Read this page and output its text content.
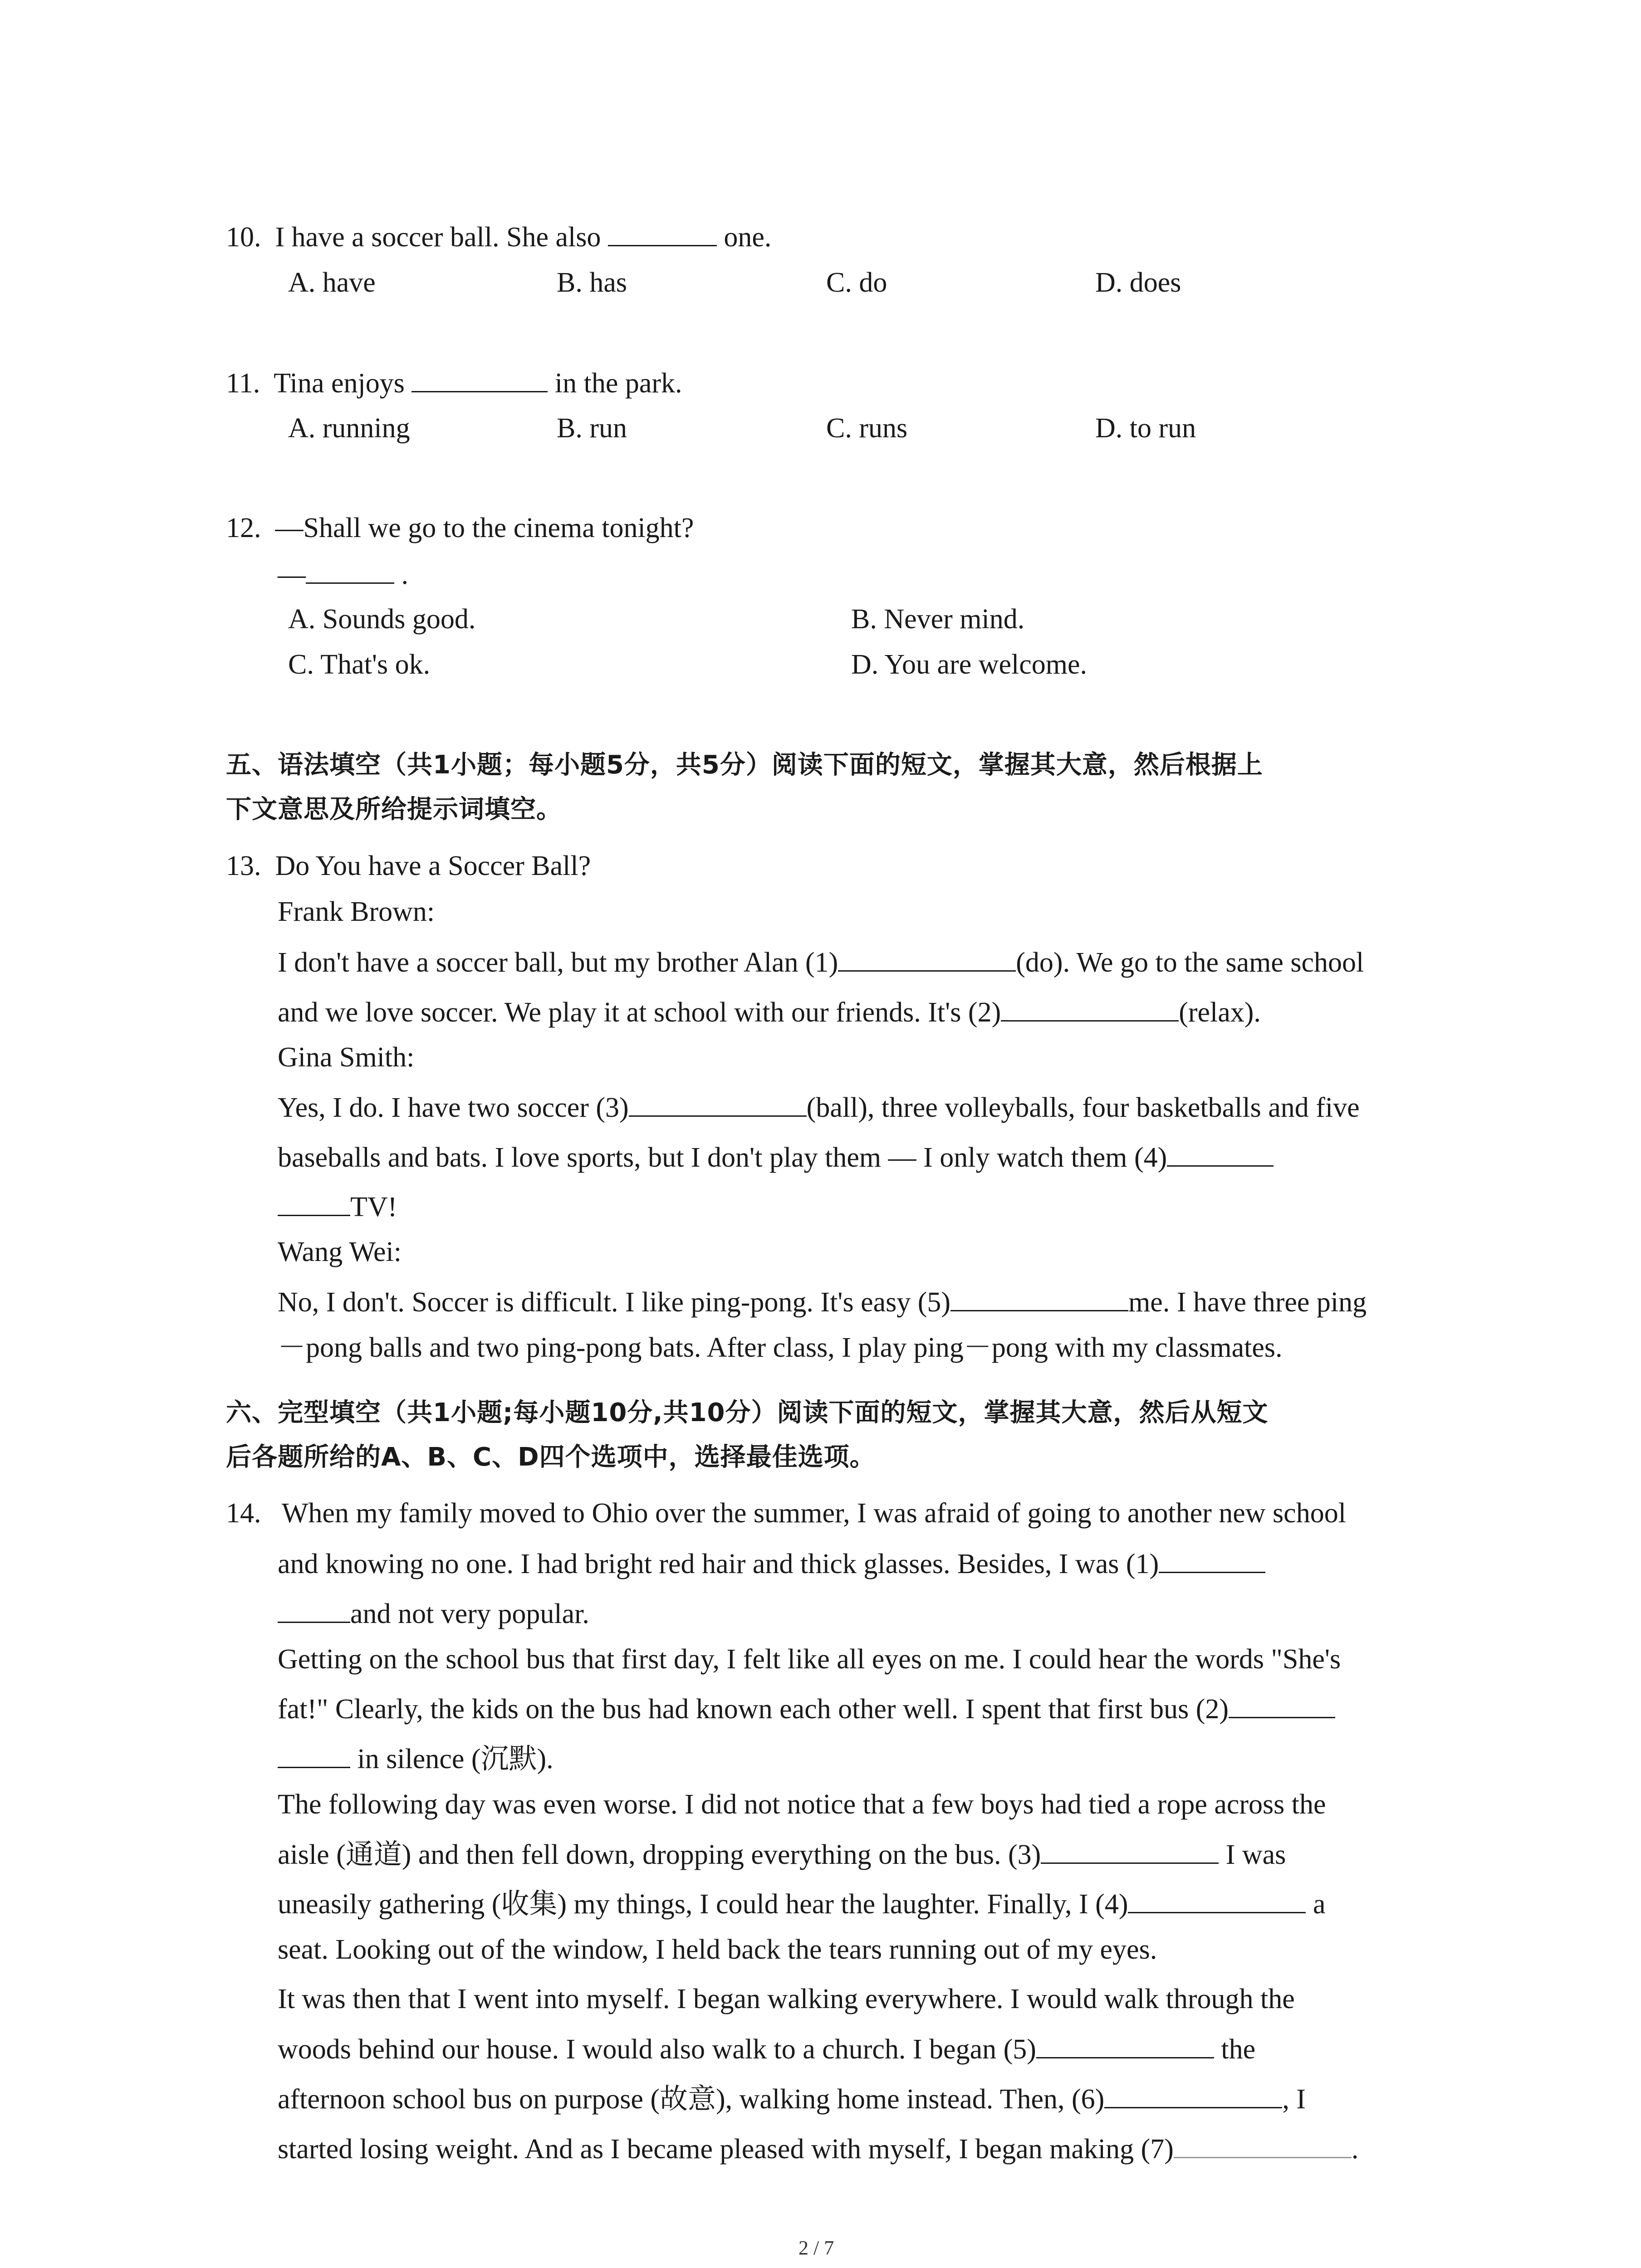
10. I have a soccer ball. She also	one.
A. have	B. has	C. do	D. does
11. Tina enjoys	in the park.
A. running	B. run	C. runs	D. to run
12. —Shall we go to the cinema tonight?
—	.
A. Sounds good.	B. Never mind.
C. That's ok.	D. You are welcome.
五、语法填空（共1小题；每小题5分，共5分）阅读下面的短文，掌握其大意，然后根据上
下文意思及所给提示词填空。
13. Do You have a Soccer Ball?
Frank Brown:
I don't have a soccer ball, but my brother Alan (1)	(do). We go to the same school
and we love soccer. We play it at school with our friends. It's (2)	(relax).
Gina Smith:
Yes, I do. I have two soccer (3)	(ball), three volleyballs, four basketballs and five
baseballs and bats. I love sports, but I don't play them — I only watch them (4)
TV!
Wang Wei:
No, I don't. Soccer is difficult. I like ping-pong. It's easy (5)	me. I have three ping
－pong balls and two ping-pong bats. After class, I play ping－pong with my classmates.
六、完型填空（共1小题;每小题10分,共10分）阅读下面的短文，掌握其大意，然后从短文
后各题所给的A、B、C、D四个选项中，选择最佳选项。
14.   When my family moved to Ohio over the summer, I was afraid of going to another new school
and knowing no one. I had bright red hair and thick glasses. Besides, I was (1)
and not very popular.
Getting on the school bus that first day, I felt like all eyes on me. I could hear the words "She's
fat!" Clearly, the kids on the bus had known each other well. I spent that first bus (2)
in silence (沉默).
The following day was even worse. I did not notice that a few boys had tied a rope across the
aisle (通道) and then fell down, dropping everything on the bus. (3)	I was
uneasily gathering (收集) my things, I could hear the laughter. Finally, I (4)	a
seat. Looking out of the window, I held back the tears running out of my eyes.
It was then that I went into myself. I began walking everywhere. I would walk through the
woods behind our house. I would also walk to a church. I began (5)	the
afternoon school bus on purpose (故意), walking home instead. Then, (6)	, I
started losing weight. And as I became pleased with myself, I began making (7)	.
2 / 7
